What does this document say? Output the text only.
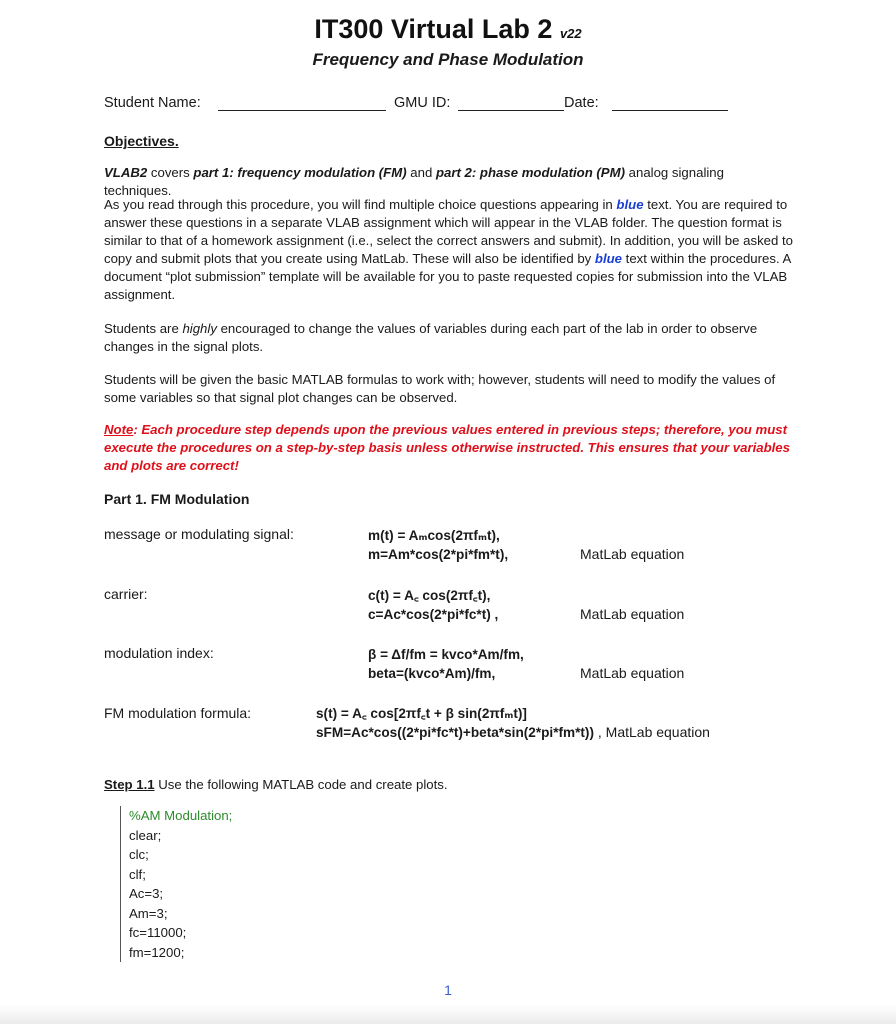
IT300 Virtual Lab 2 v22
Frequency and Phase Modulation
Student Name:	GMU ID:	Date:
Objectives.
VLAB2 covers part 1: frequency modulation (FM) and part 2: phase modulation (PM) analog signaling techniques.
As you read through this procedure, you will find multiple choice questions appearing in blue text. You are required to answer these questions in a separate VLAB assignment which will appear in the VLAB folder. The question format is similar to that of a homework assignment (i.e., select the correct answers and submit). In addition, you will be asked to copy and submit plots that you create using MatLab. These will also be identified by blue text within the procedures. A document “plot submission” template will be available for you to paste requested copies for submission into the VLAB assignment.
Students are highly encouraged to change the values of variables during each part of the lab in order to observe changes in the signal plots.
Students will be given the basic MATLAB formulas to work with; however, students will need to modify the values of some variables so that signal plot changes can be observed.
Note: Each procedure step depends upon the previous values entered in previous steps; therefore, you must execute the procedures on a step-by-step basis unless otherwise instructed. This ensures that your variables and plots are correct!
Part 1. FM Modulation
message or modulating signal:	m(t) = Aₘcos(2πfₘt),
m=Am*cos(2*pi*fm*t),	MatLab equation
carrier:	c(t) = A꜀ cos(2πf꜀t),
c=Ac*cos(2*pi*fc*t) ,	MatLab equation
modulation index:	β = Δf/fm = kvco*Am/fm,
beta=(kvco*Am)/fm,	MatLab equation
FM modulation formula:	s(t) = A꜀ cos[2πf꜀t + β sin(2πfₘt)]
sFM=Ac*cos((2*pi*fc*t)+beta*sin(2*pi*fm*t)) , MatLab equation
Step 1.1 Use the following MATLAB code and create plots.
%AM Modulation;
clear;
clc;
clf;
Ac=3;
Am=3;
fc=11000;
fm=1200;
1
